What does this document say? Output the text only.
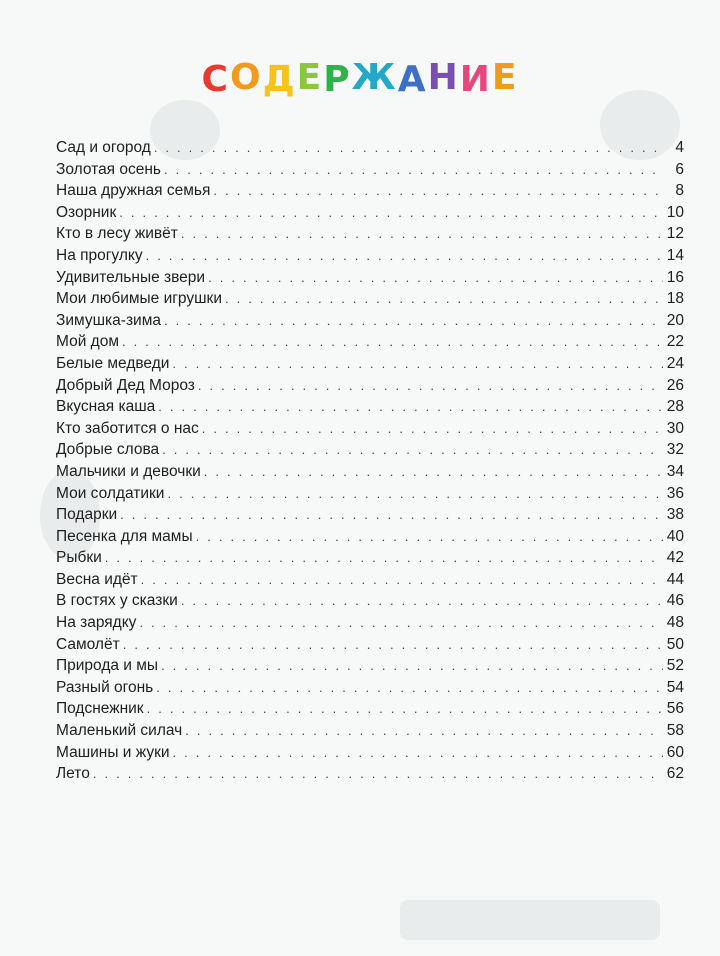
СОДЕРЖАНИЕ
Сад и огород . . .	4
Золотая осень . . .	6
Наша дружная семья . . .	8
Озорник . . .	10
Кто в лесу живёт . . .	12
На прогулку . . .	14
Удивительные звери . . .	16
Мои любимые игрушки . . .	18
Зимушка-зима . . .	20
Мой дом . . .	22
Белые медведи . . .	24
Добрый Дед Мороз . . .	26
Вкусная каша . . .	28
Кто заботится о нас . . .	30
Добрые слова . . .	32
Мальчики и девочки . . .	34
Мои солдатики . . .	36
Подарки . . .	38
Песенка для мамы . . .	40
Рыбки . . .	42
Весна идёт . . .	44
В гостях у сказки . . .	46
На зарядку . . .	48
Самолёт . . .	50
Природа и мы . . .	52
Разный огонь . . .	54
Подснежник . . .	56
Маленький силач . . .	58
Машины и жуки . . .	60
Лето . . .	62
